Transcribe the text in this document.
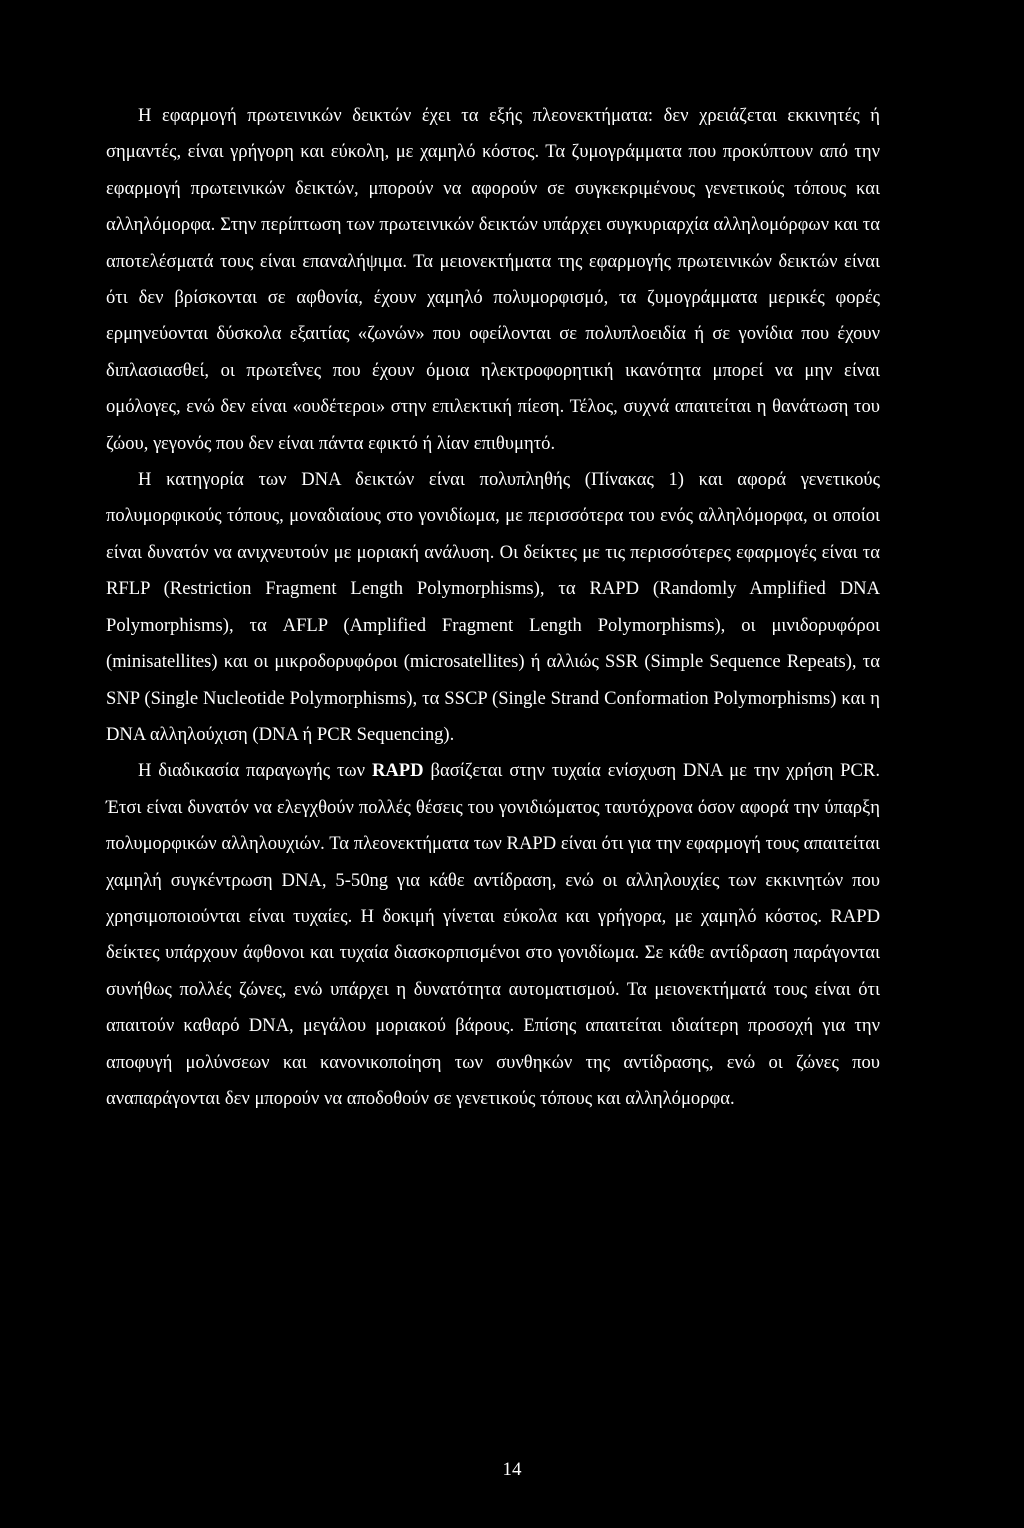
Η εφαρμογή πρωτεινικών δεικτών έχει τα εξής πλεονεκτήματα: δεν χρειάζεται εκκινητές ή σημαντές, είναι γρήγορη και εύκολη, με χαμηλό κόστος. Τα ζυμογράμματα που προκύπτουν από την εφαρμογή πρωτεινικών δεικτών, μπορούν να αφορούν σε συγκεκριμένους γενετικούς τόπους και αλληλόμορφα. Στην περίπτωση των πρωτεινικών δεικτών υπάρχει συγκυριαρχία αλληλομόρφων και τα αποτελέσματά τους είναι επαναλήψιμα. Τα μειονεκτήματα της εφαρμογής πρωτεινικών δεικτών είναι ότι δεν βρίσκονται σε αφθονία, έχουν χαμηλό πολυμορφισμό, τα ζυμογράμματα μερικές φορές ερμηνεύονται δύσκολα εξαιτίας «ζωνών» που οφείλονται σε πολυπλοειδία ή σε γονίδια που έχουν διπλασιασθεί, οι πρωτεΐνες που έχουν όμοια ηλεκτροφορητική ικανότητα μπορεί να μην είναι ομόλογες, ενώ δεν είναι «ουδέτεροι» στην επιλεκτική πίεση. Τέλος, συχνά απαιτείται η θανάτωση του ζώου, γεγονός που δεν είναι πάντα εφικτό ή λίαν επιθυμητό.

Η κατηγορία των DNA δεικτών είναι πολυπληθής (Πίνακας 1) και αφορά γενετικούς πολυμορφικούς τόπους, μοναδιαίους στο γονιδίωμα, με περισσότερα του ενός αλληλόμορφα, οι οποίοι είναι δυνατόν να ανιχνευτούν με μοριακή ανάλυση. Οι δείκτες με τις περισσότερες εφαρμογές είναι τα RFLP (Restriction Fragment Length Polymorphisms), τα RAPD (Randomly Amplified DNA Polymorphisms), τα AFLP (Amplified Fragment Length Polymorphisms), οι μινιδορυφόροι (minisatellites) και οι μικροδορυφόροι (microsatellites) ή αλλιώς SSR (Simple Sequence Repeats), τα SNP (Single Nucleotide Polymorphisms), τα SSCP (Single Strand Conformation Polymorphisms) και η DNA αλληλούχιση (DNA ή PCR Sequencing).

Η διαδικασία παραγωγής των RAPD βασίζεται στην τυχαία ενίσχυση DNA με την χρήση PCR. Έτσι είναι δυνατόν να ελεγχθούν πολλές θέσεις του γονιδιώματος ταυτόχρονα όσον αφορά την ύπαρξη πολυμορφικών αλληλουχιών. Τα πλεονεκτήματα των RAPD είναι ότι για την εφαρμογή τους απαιτείται χαμηλή συγκέντρωση DNA, 5-50ng για κάθε αντίδραση, ενώ οι αλληλουχίες των εκκινητών που χρησιμοποιούνται είναι τυχαίες. Η δοκιμή γίνεται εύκολα και γρήγορα, με χαμηλό κόστος. RAPD δείκτες υπάρχουν άφθονοι και τυχαία διασκορπισμένοι στο γονιδίωμα. Σε κάθε αντίδραση παράγονται συνήθως πολλές ζώνες, ενώ υπάρχει η δυνατότητα αυτοματισμού. Τα μειονεκτήματά τους είναι ότι απαιτούν καθαρό DNA, μεγάλου μοριακού βάρους. Επίσης απαιτείται ιδιαίτερη προσοχή για την αποφυγή μολύνσεων και κανονικοποίηση των συνθηκών της αντίδρασης, ενώ οι ζώνες που αναπαράγονται δεν μπορούν να αποδοθούν σε γενετικούς τόπους και αλληλόμορφα.

14
